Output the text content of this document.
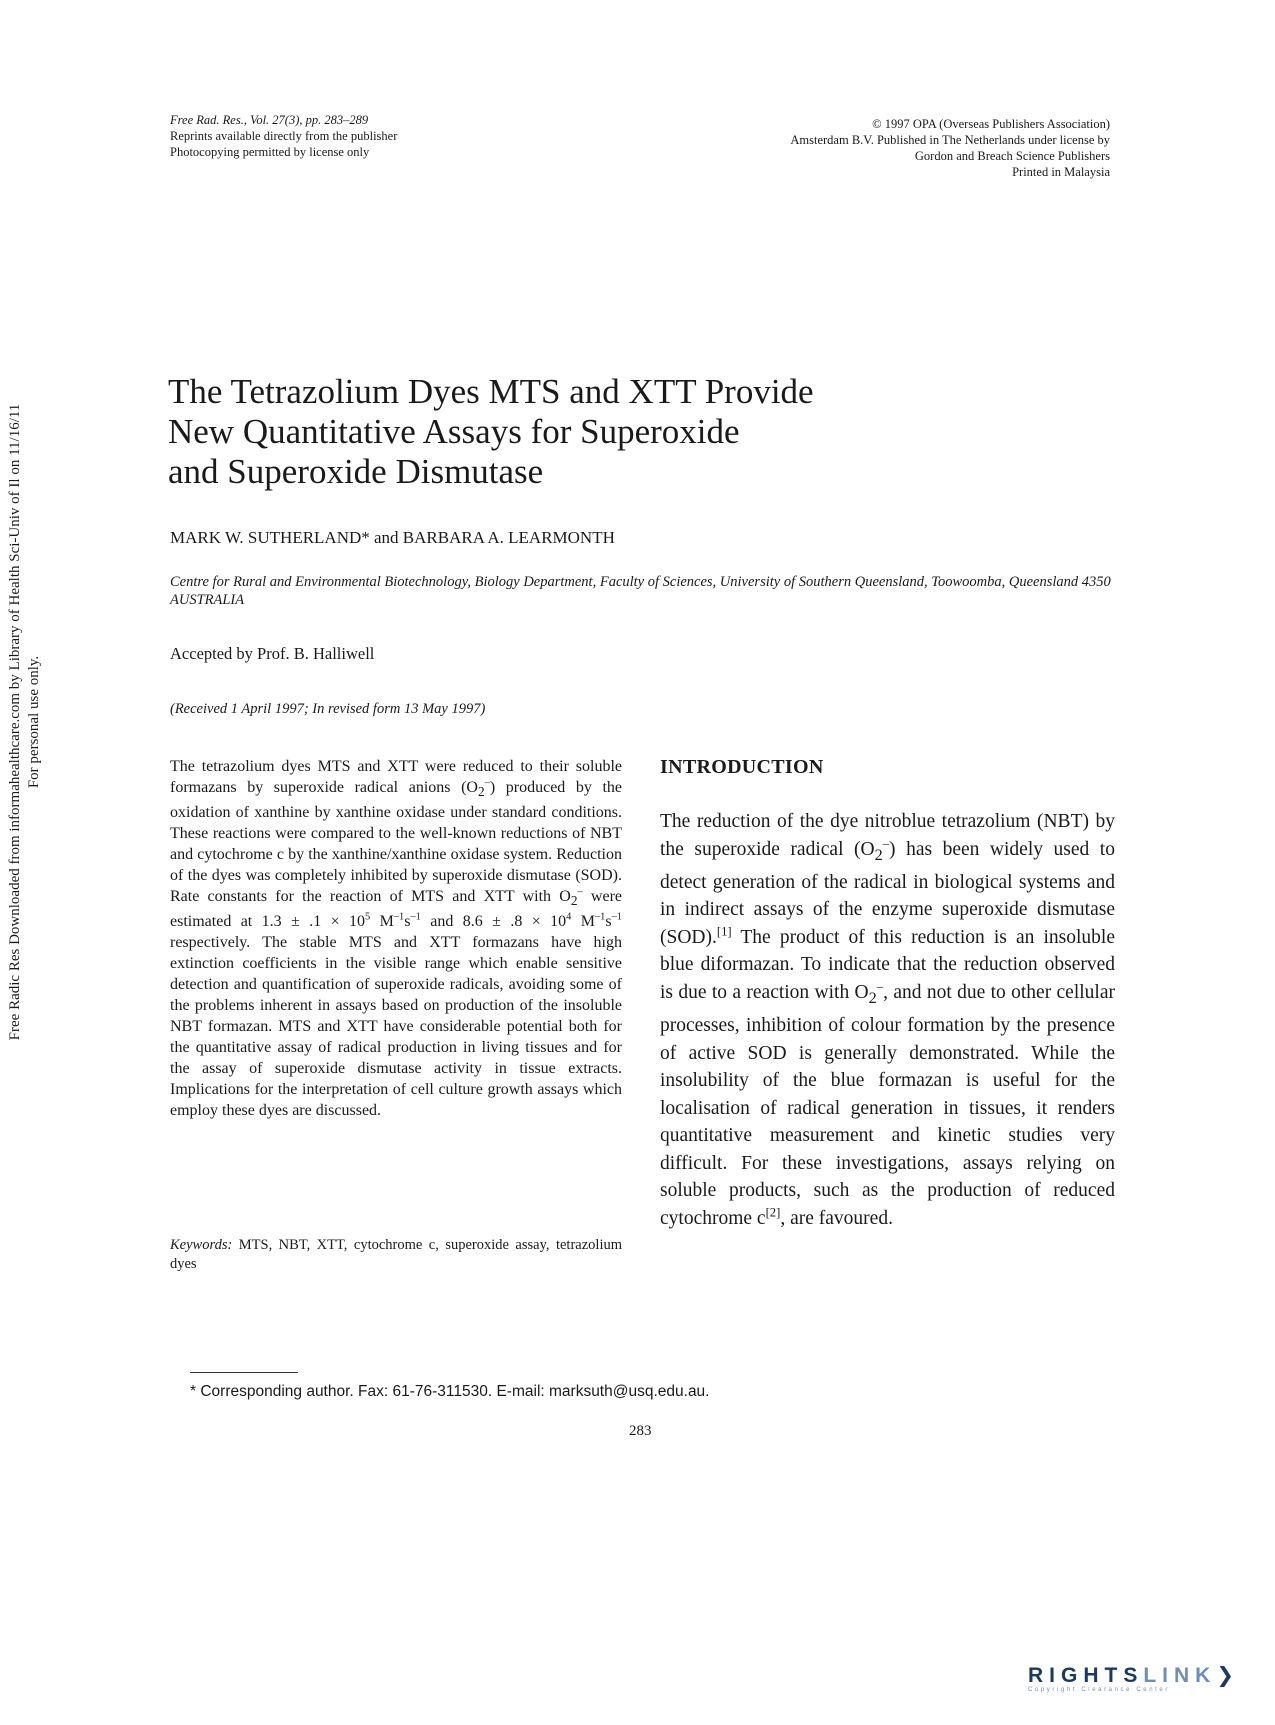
Free Rad. Res., Vol. 27(3), pp. 283–289
Reprints available directly from the publisher
Photocopying permitted by license only
© 1997 OPA (Overseas Publishers Association)
Amsterdam B.V. Published in The Netherlands under license by
Gordon and Breach Science Publishers
Printed in Malaysia
Free Radic Res Downloaded from informahealthcare.com by Library of Health Sci-Univ of Il on 11/16/11 For personal use only.
The Tetrazolium Dyes MTS and XTT Provide
New Quantitative Assays for Superoxide
and Superoxide Dismutase
MARK W. SUTHERLAND* and BARBARA A. LEARMONTH
Centre for Rural and Environmental Biotechnology, Biology Department, Faculty of Sciences, University of Southern Queensland, Toowoomba, Queensland 4350 AUSTRALIA
Accepted by Prof. B. Halliwell
(Received 1 April 1997; In revised form 13 May 1997)

The tetrazolium dyes MTS and XTT were reduced to their soluble formazans by superoxide radical anions $(O_2^-)$ produced by the oxidation of xanthine by xanthine oxidase under standard conditions. These reactions were compared to the well-known reductions of NBT and cytochrome c by the xanthine/xanthine oxidase system. Reduction of the dyes was completely inhibited by superoxide dismutase (SOD). Rate constants for the reaction of MTS and XTT with $O_2^-$ were estimated at $1.3 \pm .1 \times 10^5$ $M^{-1}s^{-1}$ and $8.6 \pm .8 \times 10^4$ $M^{-1}s^{-1}$ respectively. The stable MTS and XTT formazans have high extinction coefficients in the visible range which enable sensitive detection and quantification of superoxide radicals, avoiding some of the problems inherent in assays based on production of the insoluble NBT formazan. MTS and XTT have considerable potential both for the quantitative assay of radical production in living tissues and for the assay of superoxide dismutase activity in tissue extracts. Implications for the interpretation of cell culture growth assays which employ these dyes are discussed.

Keywords: MTS, NBT, XTT, cytochrome c, superoxide assay, tetrazolium dyes
INTRODUCTION

The reduction of the dye nitroblue tetrazolium (NBT) by the superoxide radical $(O_2^-)$ has been widely used to detect generation of the radical in biological systems and in indirect assays of the enzyme superoxide dismutase (SOD).[1] The product of this reduction is an insoluble blue diformazan. To indicate that the reduction observed is due to a reaction with $O_2^-$, and not due to other cellular processes, inhibition of colour formation by the presence of active SOD is generally demonstrated. While the insolubility of the blue formazan is useful for the localisation of radical generation in tissues, it renders quantitative measurement and kinetic studies very difficult. For these investigations, assays relying on soluble products, such as the production of reduced cytochrome c[2], are favoured.

* Corresponding author. Fax: 61-76-311530. E-mail: marksuth@usq.edu.au.
283
RIGHTSLINK❯
Copyright Clearance Center
